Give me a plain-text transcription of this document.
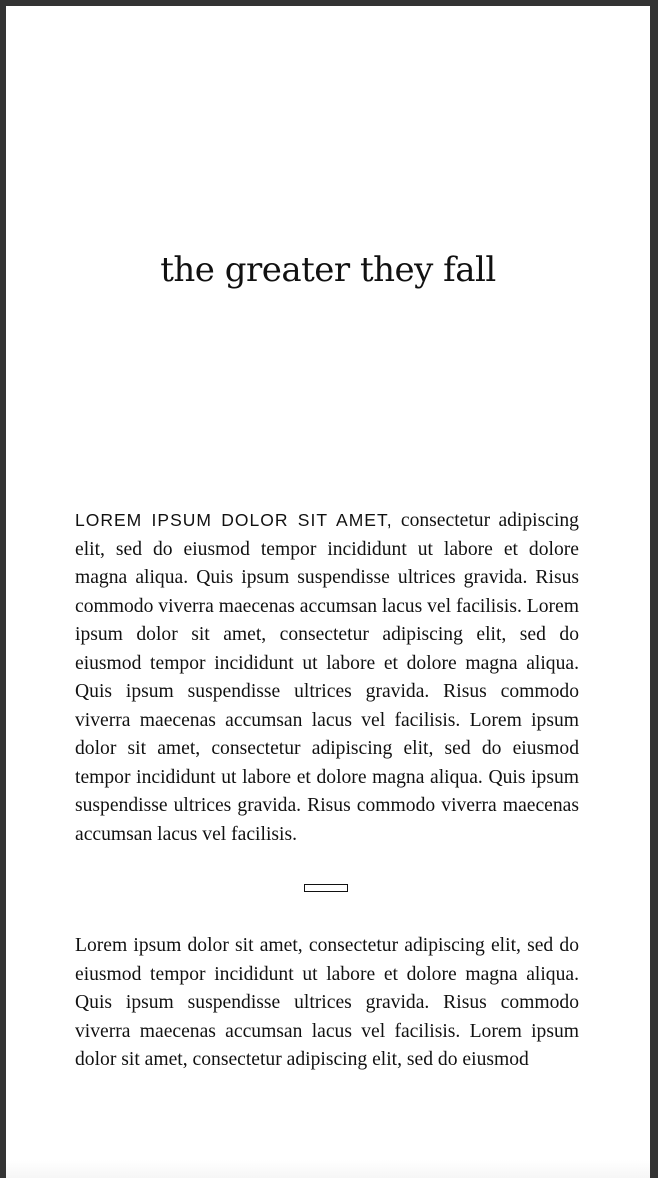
the greater they fall

LOREM IPSUM DOLOR SIT AMET, consectetur adipiscing elit, sed do eiusmod tempor incididunt ut labore et dolore magna aliqua. Quis ipsum suspendisse ultrices gravida. Risus commodo viverra maecenas accumsan lacus vel facilisis. Lorem ipsum dolor sit amet, consectetur adipiscing elit, sed do eiusmod tempor incididunt ut labore et dolore magna aliqua. Quis ipsum suspendisse ultrices gravida. Risus commodo viverra maecenas accumsan lacus vel facilisis. Lorem ipsum dolor sit amet, consectetur adipiscing elit, sed do eiusmod tempor incididunt ut labore et dolore magna aliqua. Quis ipsum suspendisse ultrices gravida. Risus commodo viverra maecenas accumsan lacus vel facilisis.

Lorem ipsum dolor sit amet, consectetur adipiscing elit, sed do eiusmod tempor incididunt ut labore et dolore magna aliqua. Quis ipsum suspendisse ultrices gravida. Risus commodo viverra maecenas accumsan lacus vel facilisis. Lorem ipsum dolor sit amet, consectetur adipiscing elit, sed do eiusmod
